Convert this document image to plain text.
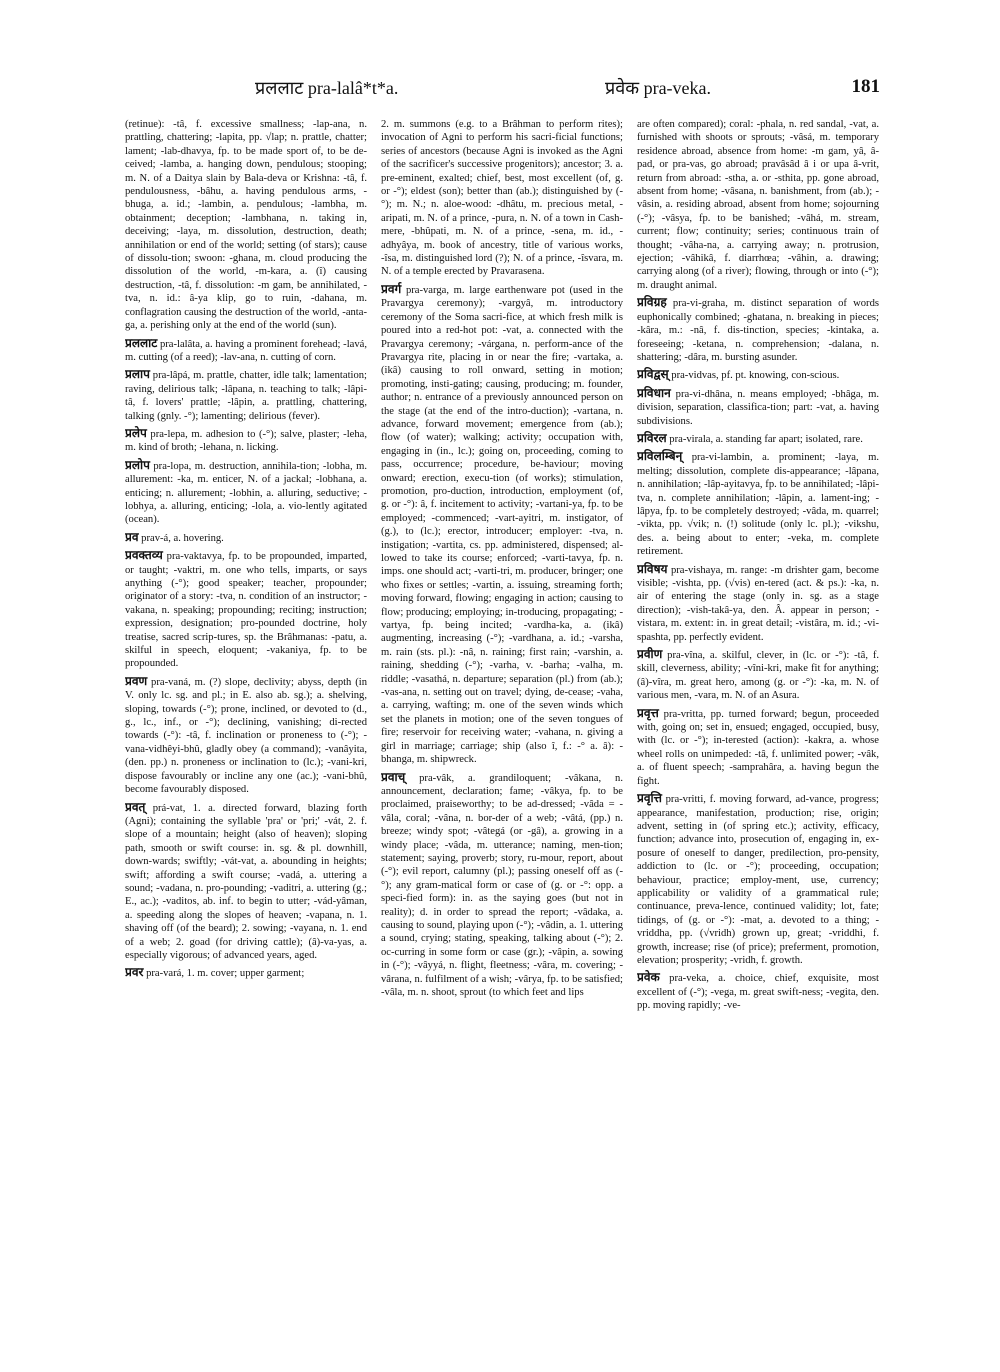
प्रललाट pra-lalâ*t*a.	प्रवेक pra-veka.	181
(retinue): -tâ, f. excessive smallness; -lap-ana, n. prattling, chattering; -lapita, pp. √lap; n. prattle, chatter; lament; -lab-dhavya, fp. to be made sport of, to be de-ceived; -lamba, a. hanging down, pendulous; stooping; m. N. of a Daitya slain by Bala-deva or Krishna: -tâ, f. pendulousness, -bâhu, a. having pendulous arms, -bhuga, a. id.; -lambin, a. pendulous; -lambha, m. obtainment; deception; -lambhana, n. taking in, deceiving; -laya, m. dissolution, destruction, death; annihilation or end of the world; setting (of stars); cause of dissolu-tion; swoon: -ghana, m. cloud producing the dissolution of the world, -m-kara, a. (î) causing destruction, -tâ, f. dissolution: -m gam, be annihilated, -tva, n. id.: â-ya klip, go to ruin, -dahana, m. conflagration causing the destruction of the world, -anta-ga, a. perishing only at the end of the world (sun).
प्रललाट pra-lalâta, a. having a prominent forehead; -lavá, m. cutting (of a reed); -lav-ana, n. cutting of corn.
प्रलाप pra-lâpá, m. prattle, chatter, idle talk; lamentation; raving, delirious talk; -lâpana, n. teaching to talk; -lâpi-tâ, f. lovers' prattle; -lâpin, a. prattling, chattering, talking (gnly. -°); lamenting; delirious (fever).
प्रलेप pra-lepa, m. adhesion to (-°); salve, plaster; -leha, m. kind of broth; -lehana, n. licking.
प्रलोप pra-lopa, m. destruction, annihila-tion; -lobha, m. allurement: -ka, m. enticer, N. of a jackal; -lobhana, a. enticing; n. allurement; -lobhin, a. alluring, seductive; -lobhya, a. alluring, enticing; -lola, a. vio-lently agitated (ocean).
प्रव prav-á, a. hovering.
प्रवक्तव्य pra-vaktavya, fp. to be propounded, imparted, or taught; -vaktri, m. one who tells, imparts, or says anything (-°); good speaker; teacher, propounder; originator of a story: -tva, n. condition of an instructor; -vakana, n. speaking; propounding; reciting; instruction; expression, designation; pro-pounded doctrine, holy treatise, sacred scrip-tures, sp. the Brâhmanas: -patu, a. skilful in speech, eloquent; -vakaniya, fp. to be propounded.
प्रवण pra-vaná, m. (?) slope, declivity; abyss, depth (in V. only lc. sg. and pl.; in E. also ab. sg.); a. shelving, sloping, towards (-°); prone, inclined, or devoted to (d., g., lc., inf., or -°); declining, vanishing; di-rected towards (-°): -tâ, f. inclination or proneness to (-°); -vana-vidhêyi-bhû, gladly obey (a command); -vanâyita, (den. pp.) n. proneness or inclination to (lc.); -vani-kri, dispose favourably or incline any one (ac.); -vani-bhû, become favourably disposed.
प्रवत् prá-vat, 1. a. directed forward, blazing forth (Agni); containing the syllable 'pra' or 'pri;' -vát, 2. f. slope of a mountain; height (also of heaven); sloping path, smooth or swift course: in. sg. & pl. downhill, down-wards; swiftly; -vát-vat, a. abounding in heights; swift; affording a swift course; -vadá, a. uttering a sound; -vadana, n. pro-pounding; -vaditri, a. uttering (g.; E., ac.); -vaditos, ab. inf. to begin to utter; -vád-yâman, a. speeding along the slopes of heaven; -vapana, n. 1. shaving off (of the beard); 2. sowing; -vayana, n. 1. end of a web; 2. goad (for driving cattle); (â)-va-yas, a. especially vigorous; of advanced years, aged.
प्रवर pra-vará, 1. m. cover; upper garment;
2. m. summons (e.g. to a Brâhman to perform rites); invocation of Agni to perform his sacri-ficial functions; series of ancestors (because Agni is invoked as the Agni of the sacrificer's successive progenitors); ancestor; 3. a. pre-eminent, exalted; chief, best, most excellent (of, g. or -°); eldest (son); better than (ab.); distinguished by (-°); m. N.; n. aloe-wood: -dhâtu, m. precious metal, -aripati, m. N. of a prince, -pura, n. N. of a town in Cash-mere, -bhûpati, m. N. of a prince, -sena, m. id., -adhyâya, m. book of ancestry, title of various works, -îsa, m. distinguished lord (?); N. of a prince, -îsvara, m. N. of a temple erected by Pravarasena.
प्रवर्ग pra-varga, m. large earthenware pot (used in the Pravargya ceremony); -vargyâ, m. introductory ceremony of the Soma sacri-fice, at which fresh milk is poured into a red-hot pot: -vat, a. connected with the Pravargya ceremony; -várgana, n. perform-ance of the Pravargya rite, placing in or near the fire; -vartaka, a. (ikâ) causing to roll onward, setting in motion; promoting, insti-gating; causing, producing; m. founder, author; n. entrance of a previously announced person on the stage (at the end of the intro-duction); -vartana, n. advance, forward movement; emergence from (ab.); flow (of water); walking; activity; occupation with, engaging in (in., lc.); going on, proceeding, coming to pass, occurrence; procedure, be-haviour; moving onward; erection, execu-tion (of works); stimulation, promotion, pro-duction, introduction, employment (of, g. or -°): â, f. incitement to activity; -vartani-ya, fp. to be employed; -commenced; -vart-ayitri, m. instigator, of (g.), to (lc.); erector, introducer; employer: -tva, n. instigation; -vartita, cs. pp. administered, dispensed; al-lowed to take its course; enforced; -varti-tavya, fp. n. imps. one should act; -varti-tri, m. producer, bringer; one who fixes or settles; -vartin, a. issuing, streaming forth; moving forward, flowing; engaging in action; causing to flow; producing; employing; in-troducing, propagating; -vartya, fp. being incited; -vardha-ka, a. (ikâ) augmenting, increasing (-°); -vardhana, a. id.; -varsha, m. rain (sts. pl.): -nâ, n. raining; first rain; -varshin, a. raining, shedding (-°); -varha, v. -barha; -valha, m. riddle; -vasathá, n. departure; separation (pl.) from (ab.); -vas-ana, n. setting out on travel; dying, de-cease; -vaha, a. carrying, wafting; m. one of the seven winds which set the planets in motion; one of the seven tongues of fire; reservoir for receiving water; -vahana, n. giving a girl in marriage; carriage; ship (also î, f.: -° a. â): -bhanga, m. shipwreck.
प्रवाच् pra-vâk, a. grandiloquent; -vâkana, n. announcement, declaration; fame; -vâkya, fp. to be proclaimed, praiseworthy; to be ad-dressed; -vâda = -vâla, coral; -vâna, n. bor-der of a web; -vâtá, (pp.) n. breeze; windy spot; -vâtegá (or -gâ), a. growing in a windy place; -vâda, m. utterance; naming, men-tion; statement; saying, proverb; story, ru-mour, report, about (-°); evil report, calumny (pl.); passing oneself off as (-°); any gram-matical form or case of (g. or -°: opp. a speci-fied form): in. as the saying goes (but not in reality); d. in order to spread the report; -vâdaka, a. causing to sound, playing upon (-°); -vâdin, a. 1. uttering a sound, crying; stating, speaking, talking about (-°); 2. oc-curring in some form or case (gr.); -vâpin, a. sowing in (-°); -vâyyá, n. flight, fleetness; -vâra, m. covering; -vârana, n. fulfilment of a wish; -vârya, fp. to be satisfied; -vâla, m. n. shoot, sprout (to which feet and lips
are often compared); coral: -phala, n. red sandal, -vat, a. furnished with shoots or sprouts; -vâsá, m. temporary residence abroad, absence from home: -m gam, yâ, â-pad, or pra-vas, go abroad; pravâsâd â i or upa â-vrit, return from abroad: -stha, a. or -sthita, pp. gone abroad, absent from home; -vâsana, n. banishment, from (ab.); -vâsin, a. residing abroad, absent from home; sojourning (-°); -vâsya, fp. to be banished; -vâhá, m. stream, current; flow; continuity; series; continuous train of thought; -vâha-na, a. carrying away; n. protrusion, ejection; -vâhikâ, f. diarrhœa; -vâhin, a. drawing; carrying along (of a river); flowing, through or into (-°); m. draught animal.
प्रविग्रह pra-vi-graha, m. distinct separation of words euphonically combined; -ghatana, n. breaking in pieces; -kâra, m.: -nâ, f. dis-tinction, species; -kintaka, a. foreseeing; -ketana, n. comprehension; -dalana, n. shattering; -dâra, m. bursting asunder.
प्रविद्वस् pra-vidvas, pf. pt. knowing, con-scious.
प्रविधान pra-vi-dhâna, n. means employed; -bhâga, m. division, separation, classifica-tion; part: -vat, a. having subdivisions.
प्रविरल pra-virala, a. standing far apart; isolated, rare.
प्रविलम्बिन् pra-vi-lambin, a. prominent; -laya, m. melting; dissolution, complete dis-appearance; -lâpana, n. annihilation; -lâp-ayitavya, fp. to be annihilated; -lâpi-tva, n. complete annihilation; -lâpin, a. lament-ing; -lâpya, fp. to be completely destroyed; -vâda, m. quarrel; -vikta, pp. √vik; n. (!) solitude (only lc. pl.); -vikshu, des. a. being about to enter; -veka, m. complete retirement.
प्रविषय pra-vishaya, m. range: -m drishter gam, become visible; -vishta, pp. (√vis) en-tered (act. & ps.): -ka, n. air of entering the stage (only in. sg. as a stage direction); -vish-takâ-ya, den. Â. appear in person; -vistara, m. extent: in. in great detail; -vistâra, m. id.; -vi-spashta, pp. perfectly evident.
प्रवीण pra-vîna, a. skilful, clever, in (lc. or -°): -tâ, f. skill, cleverness, ability; -vîni-kri, make fit for anything; (â)-vîra, m. great hero, among (g. or -°): -ka, m. N. of various men, -vara, m. N. of an Asura.
प्रवृत्त pra-vritta, pp. turned forward; begun, proceeded with, going on; set in, ensued; engaged, occupied, busy, with (lc. or -°); in-terested (action): -kakra, a. whose wheel rolls on unimpeded: -tâ, f. unlimited power; -vâk, a. of fluent speech; -samprahâra, a. having begun the fight.
प्रवृत्ति pra-vritti, f. moving forward, ad-vance, progress; appearance, manifestation, production; rise, origin; advent, setting in (of spring etc.); activity, efficacy, function; advance into, prosecution of, engaging in, ex-posure of oneself to danger, predilection, pro-pensity, addiction to (lc. or -°); proceeding, occupation; behaviour, practice; employ-ment, use, currency; applicability or validity of a grammatical rule; continuance, preva-lence, continued validity; lot, fate; tidings, of (g. or -°): -mat, a. devoted to a thing; -vriddha, pp. (√vridh) grown up, great; -vriddhi, f. growth, increase; rise (of price); preferment, promotion, elevation; prosperity; -vridh, f. growth.
प्रवेक pra-veka, a. choice, chief, exquisite, most excellent of (-°); -vega, m. great swift-ness; -vegita, den. pp. moving rapidly; -ve-
